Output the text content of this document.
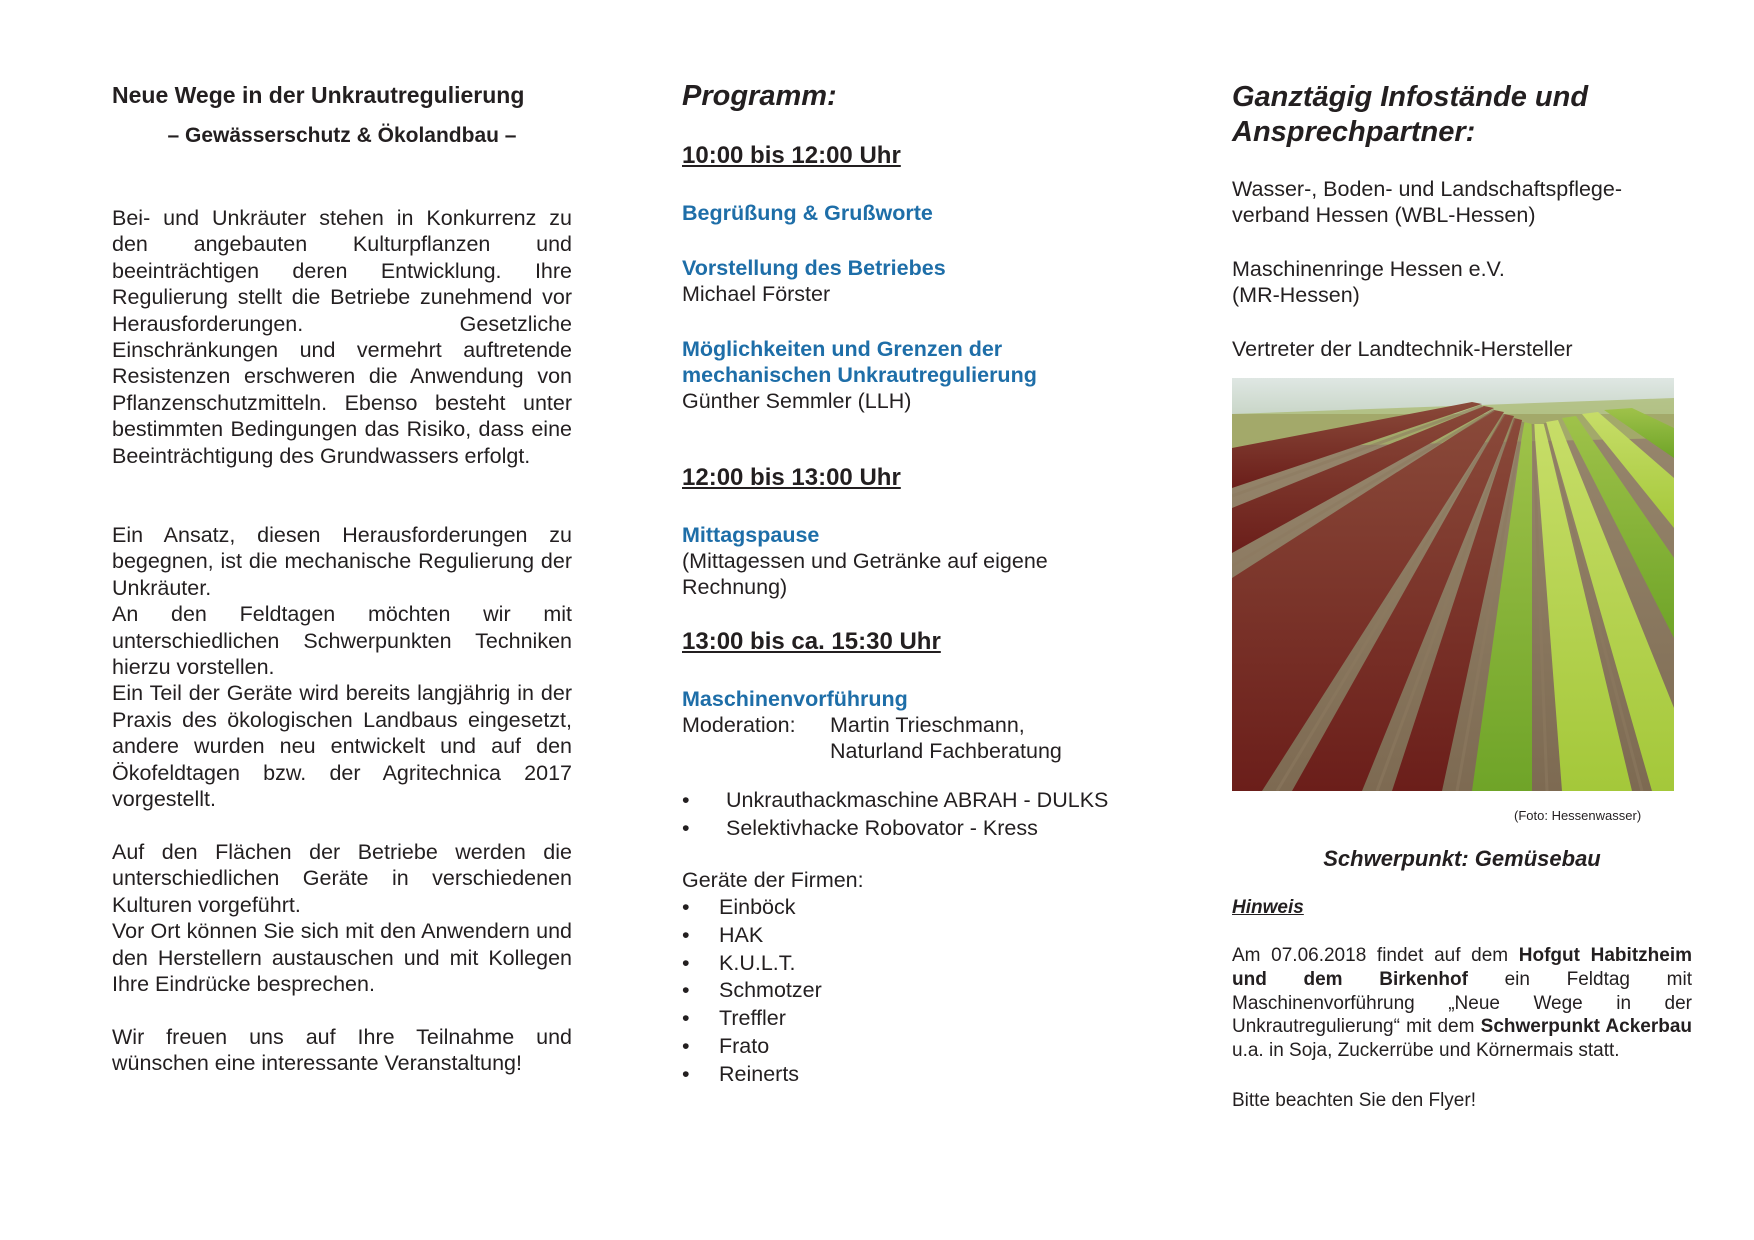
Neue Wege in der Unkrautregulierung
– Gewässerschutz & Ökolandbau –

Bei- und Unkräuter stehen in Konkurrenz zu den angebauten Kulturpflanzen und beeinträchtigen deren Entwicklung. Ihre Regulierung stellt die Betriebe zunehmend vor Herausforderungen. Gesetzliche Einschränkungen und vermehrt auftretende Resistenzen erschweren die Anwendung von Pflanzenschutzmitteln. Ebenso besteht unter bestimmten Bedingungen das Risiko, dass eine Beeinträchtigung des Grundwassers erfolgt.

Ein Ansatz, diesen Herausforderungen zu begegnen, ist die mechanische Regulierung der Unkräuter.

An den Feldtagen möchten wir mit unterschiedlichen Schwerpunkten Techniken hierzu vorstellen.

Ein Teil der Geräte wird bereits langjährig in der Praxis des ökologischen Landbaus eingesetzt, andere wurden neu entwickelt und auf den Ökofeldtagen bzw. der Agritechnica 2017 vorgestellt.

Auf den Flächen der Betriebe werden die unterschiedlichen Geräte in verschiedenen Kulturen vorgeführt.

Vor Ort können Sie sich mit den Anwendern und den Herstellern austauschen und mit Kollegen Ihre Eindrücke besprechen.

Wir freuen uns auf Ihre Teilnahme und wünschen eine interessante Veranstaltung!

Programm:
10:00 bis 12:00 Uhr
Begrüßung & Grußworte
Vorstellung des Betriebes
Michael Förster
Möglichkeiten und Grenzen der
mechanischen Unkrautregulierung
Günther Semmler (LLH)
12:00 bis 13:00 Uhr
Mittagspause
(Mittagessen und Getränke auf eigene
Rechnung)
13:00 bis ca. 15:30 Uhr
Maschinenvorführung
Moderation:	Martin Trieschmann,
Naturland Fachberatung
• Unkrauthackmaschine ABRAH - DULKS
• Selektivhacke Robovator - Kress
Geräte der Firmen:
• Einböck
• HAK
• K.U.L.T.
• Schmotzer
• Treffler
• Frato
• Reinerts
Ganztägig Infostände und
Ansprechpartner:
Wasser-, Boden- und Landschaftspflege-
verband Hessen (WBL-Hessen)
Maschinenringe Hessen e.V.
(MR-Hessen)
Vertreter der Landtechnik-Hersteller
(Foto: Hessenwasser)
Schwerpunkt: Gemüsebau
Hinweis

Am 07.06.2018 findet auf dem Hofgut Habitzheim und dem Birkenhof ein Feldtag mit Maschinenvorführung „Neue Wege in der Unkrautregulierung“ mit dem Schwerpunkt Ackerbau u.a. in Soja, Zuckerrübe und Körnermais statt.

Bitte beachten Sie den Flyer!
